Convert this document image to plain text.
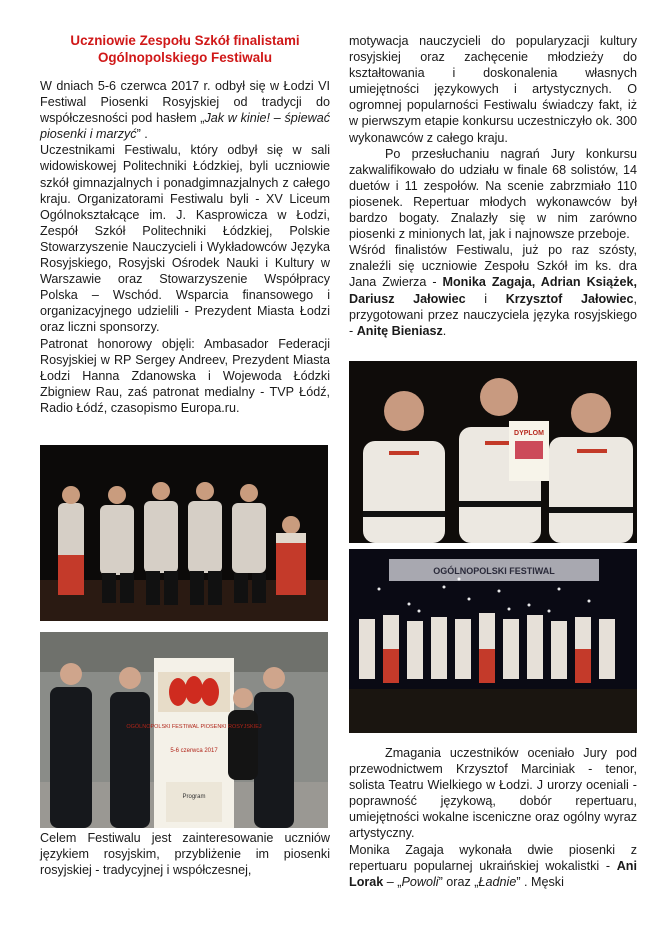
Uczniowie Zespołu Szkół finalistami Ogólnopolskiego Festiwalu

W dniach 5-6 czerwca 2017 r. odbył się w Łodzi VI Festiwal Piosenki Rosyjskiej od tradycji do współczesności pod hasłem „Jak w kinie! – śpiewać piosenki i marzyć” .

Uczestnikami Festiwalu, który odbył się w sali widowiskowej Politechniki Łódzkiej, byli uczniowie szkół gimnazjalnych i ponadgimnazjalnych z całego kraju. Organizatorami Festiwalu byli - XV Liceum Ogólnokształcące im. J. Kasprowicza w Łodzi, Zespół Szkół Politechniki Łódzkiej, Polskie Stowarzyszenie Nauczycieli i Wykładowców Języka Rosyjskiego, Rosyjski Ośrodek Nauki i Kultury w Warszawie oraz Stowarzyszenie Współpracy Polska – Wschód. Wsparcia finansowego i organizacyjnego udzielili - Prezydent Miasta Łodzi oraz liczni sponsorzy.

Patronat honorowy objęli: Ambasador Federacji Rosyjskiej w RP Sergey Andreev, Prezydent Miasta Łodzi Hanna Zdanowska i Wojewoda Łódzki Zbigniew Rau, zaś patronat medialny - TVP Łódź, Radio Łódź, czasopismo Europa.ru.

Celem Festiwalu jest zainteresowanie uczniów językiem rosyjskim, przybliżenie im piosenki rosyjskiej - tradycyjnej i współczesnej,

motywacja nauczycieli do popularyzacji kultury rosyjskiej oraz zachęcenie młodzieży do kształtowania i doskonalenia własnych umiejętności językowych i artystycznych. O ogromnej popularności Festiwalu świadczy fakt, iż w pierwszym etapie konkursu uczestniczyło ok. 300 wykonawców z całego kraju.

Po przesłuchaniu nagrań Jury konkursu zakwalifikowało do udziału w finale 68 solistów, 14 duetów i 11 zespołów. Na scenie zabrzmiało 110 piosenek. Repertuar młodych wykonawców był bardzo bogaty. Znalazły się w nim zarówno piosenki z minionych lat, jak i najnowsze przeboje.

Wśród finalistów Festiwalu, już po raz szósty, znaleźli się uczniowie Zespołu Szkół im ks. dra Jana Zwierza - Monika Zagaja, Adrian Książek, Dariusz Jałowiec i Krzysztof Jałowiec, przygotowani przez nauczyciela języka rosyjskiego - Anitę Bieniasz.

Zmagania uczestników oceniało Jury pod przewodnictwem Krzysztof Marciniak - tenor, solista Teatru Wielkiego w Łodzi. J urorzy oceniali - poprawność językową, dobór repertuaru, umiejętności wokalne isceniczne oraz ogólny wyraz artystyczny.

Monika Zagaja wykonała dwie piosenki z repertuaru popularnej ukraińskiej wokalistki - Ani Lorak – „Powoli” oraz „Ładnie” . Męski

OGÓLNOPOLSKI FESTIWAL PIOSENKI ROSYJSKIEJ
5-6 czerwca 2017
Program
DYPLOM
OGÓLNOPOLSKI FESTIWAL
